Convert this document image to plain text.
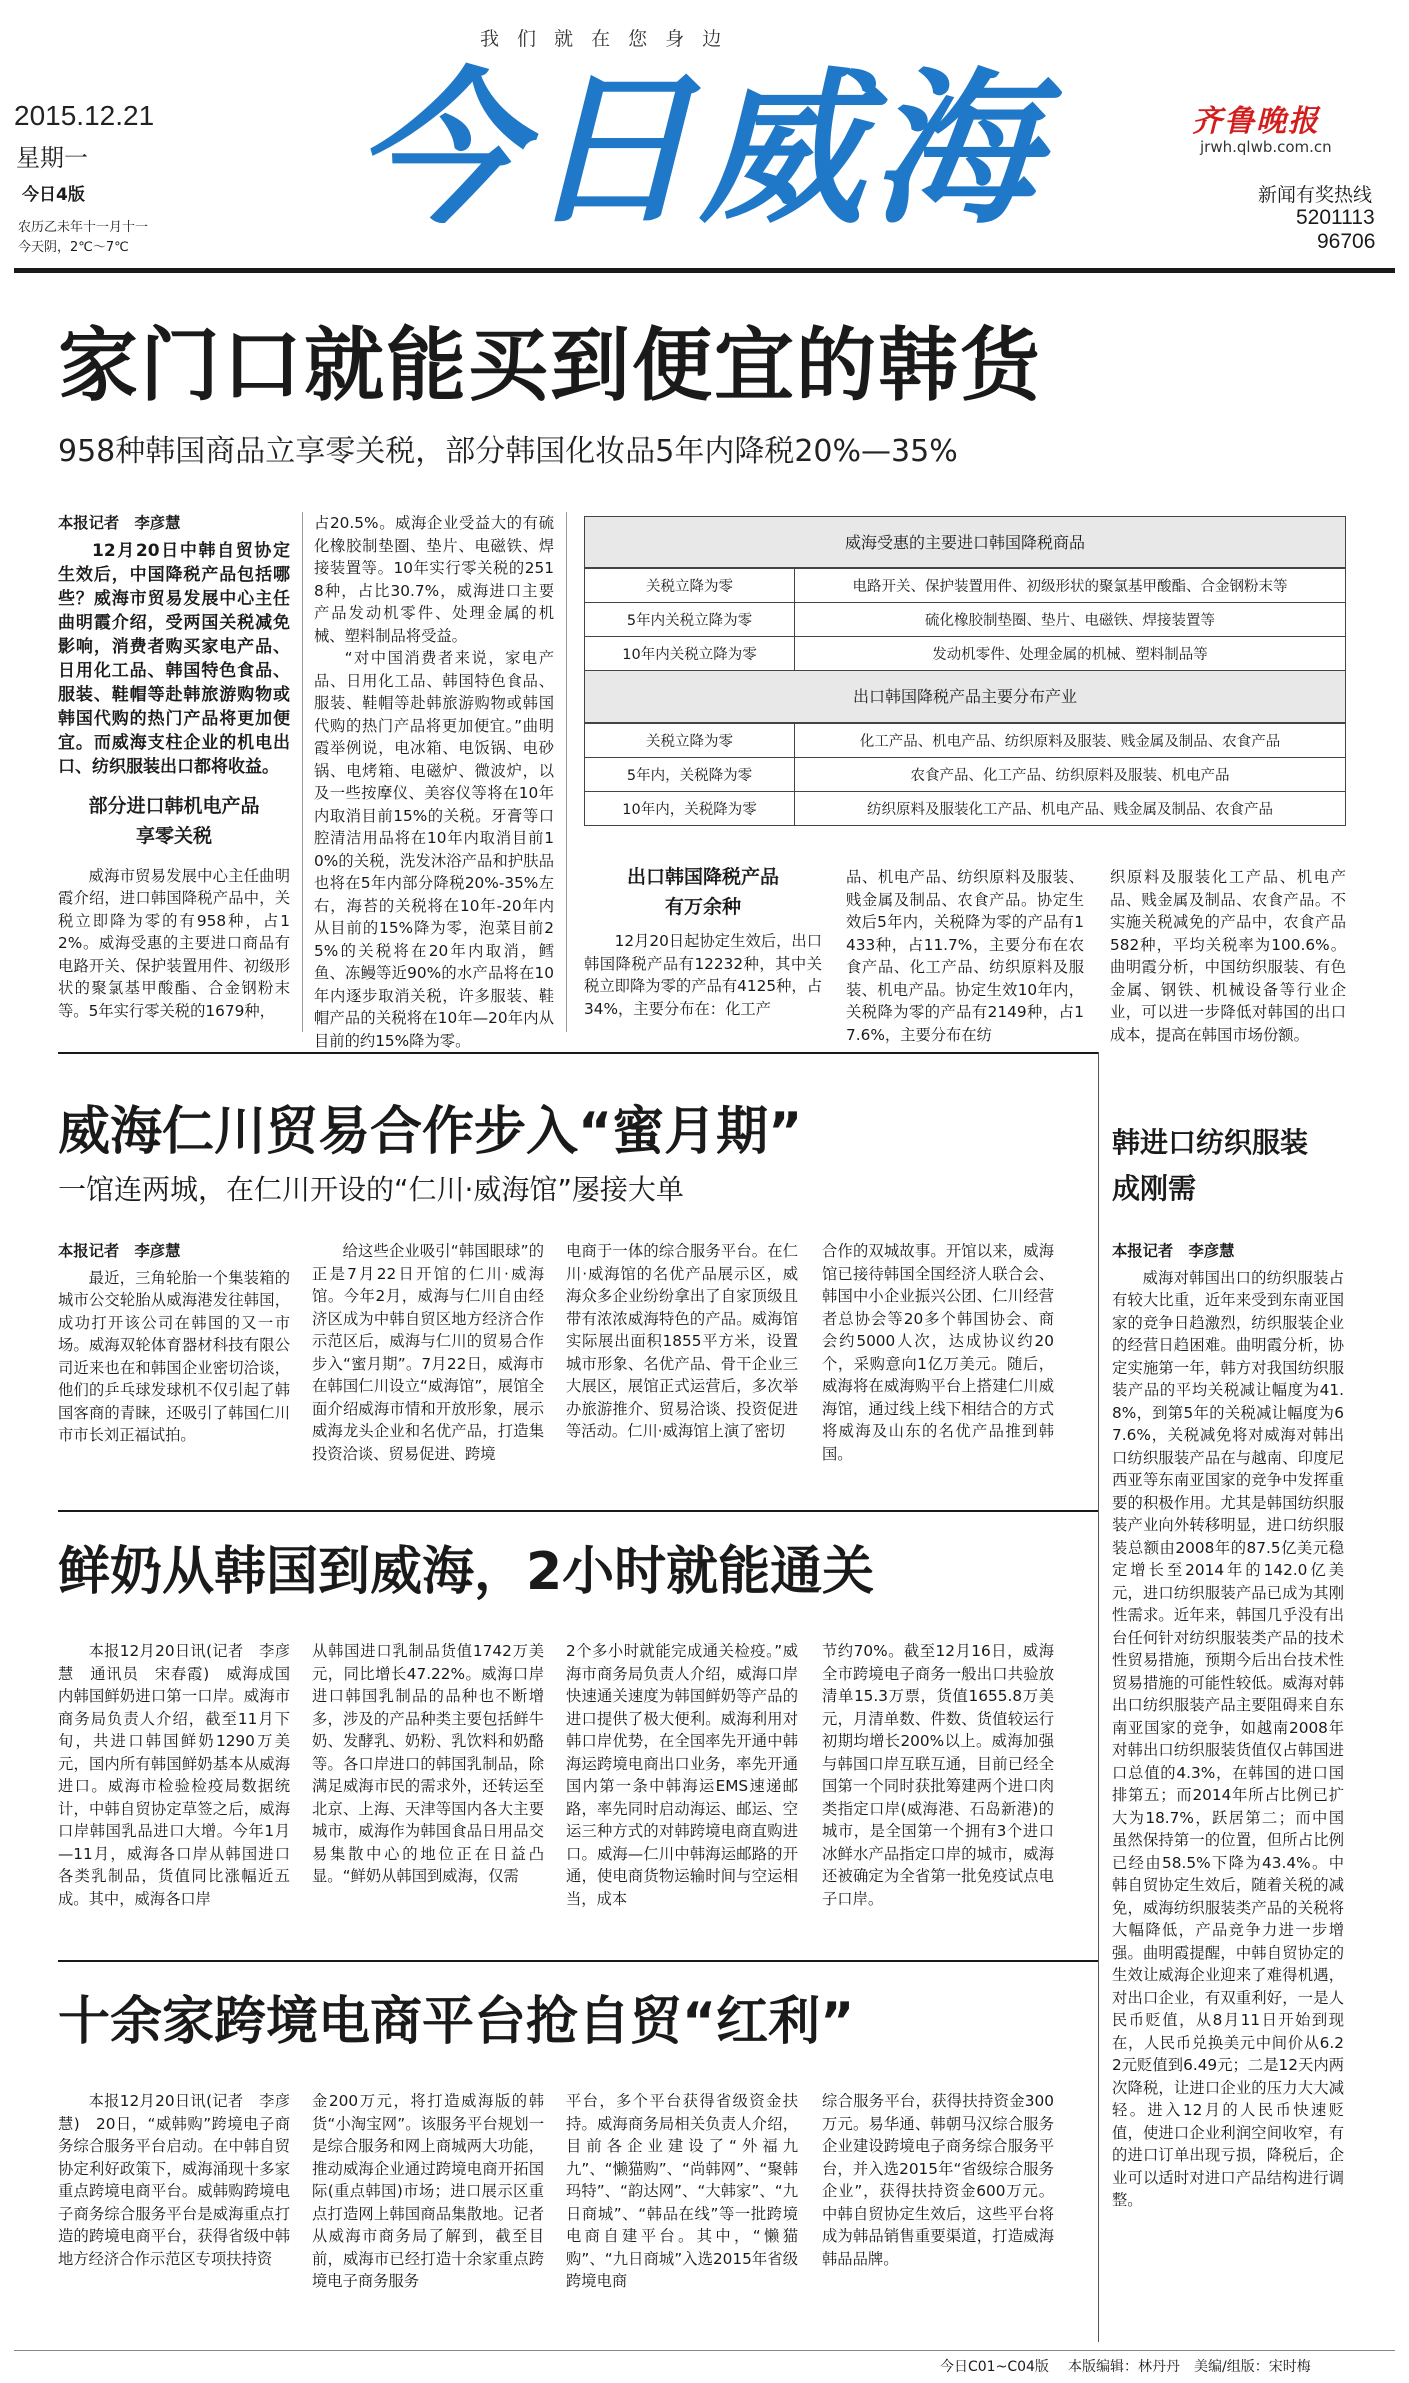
我 们 就 在 您 身 边
2015.12.21
星期一
今日4版
农历乙未年十一月十一
今天阴，2℃～7℃
今日威海	齐鲁晚报
jrwh.qlwb.com.cn
新闻有奖热线
5201113
96706
家门口就能买到便宜的韩货
958种韩国商品立享零关税，部分韩国化妆品5年内降税20%—35%
本报记者　李彦慧

12月20日中韩自贸协定生效后，中国降税产品包括哪些？威海市贸易发展中心主任曲明霞介绍，受两国关税减免影响，消费者购买家电产品、日用化工品、韩国特色食品、服装、鞋帽等赴韩旅游购物或韩国代购的热门产品将更加便宜。而威海支柱企业的机电出口、纺织服装出口都将收益。

部分进口韩机电产品享零关税

威海市贸易发展中心主任曲明霞介绍，进口韩国降税产品中，关税立即降为零的有958种，占12%。威海受惠的主要进口商品有电路开关、保护装置用件、初级形状的聚氯基甲酸酯、合金钢粉末等。5年实行零关税的1679种，

占20.5%。威海企业受益大的有硫化橡胶制垫圈、垫片、电磁铁、焊接装置等。10年实行零关税的2518种，占比30.7%，威海进口主要产品发动机零件、处理金属的机械、塑料制品将受益。

“对中国消费者来说，家电产品、日用化工品、韩国特色食品、服装、鞋帽等赴韩旅游购物或韩国代购的热门产品将更加便宜。”曲明霞举例说，电冰箱、电饭锅、电砂锅、电烤箱、电磁炉、微波炉，以及一些按摩仪、美容仪等将在10年内取消目前15%的关税。牙膏等口腔清洁用品将在10年内取消目前10%的关税，洗发沐浴产品和护肤品也将在5年内部分降税20%-35%左右，海苔的关税将在10年-20年内从目前的15%降为零，泡菜目前25%的关税将在20年内取消，鳕鱼、冻鳗等近90%的水产品将在10年内逐步取消关税，许多服装、鞋帽产品的关税将在10年—20年内从目前的约15%降为零。

威海受惠的主要进口韩国降税商品
关税立降为零	电路开关、保护装置用件、初级形状的聚氯基甲酸酯、合金钢粉末等
5年内关税立降为零	硫化橡胶制垫圈、垫片、电磁铁、焊接装置等
10年内关税立降为零	发动机零件、处理金属的机械、塑料制品等
出口韩国降税产品主要分布产业
关税立降为零	化工产品、机电产品、纺织原料及服装、贱金属及制品、农食产品
5年内，关税降为零	农食产品、化工产品、纺织原料及服装、机电产品
10年内，关税降为零	纺织原料及服装化工产品、机电产品、贱金属及制品、农食产品
出口韩国降税产品有万余种

12月20日起协定生效后，出口韩国降税产品有12232种，其中关税立即降为零的产品有4125种，占34%，主要分布在：化工产

品、机电产品、纺织原料及服装、贱金属及制品、农食产品。协定生效后5年内，关税降为零的产品有1433种，占11.7%，主要分布在农食产品、化工产品、纺织原料及服装、机电产品。协定生效10年内，关税降为零的产品有2149种，占17.6%，主要分布在纺

织原料及服装化工产品、机电产品、贱金属及制品、农食产品。不实施关税减免的产品中，农食产品582种，平均关税率为100.6%。曲明霞分析，中国纺织服装、有色金属、钢铁、机械设备等行业企业，可以进一步降低对韩国的出口成本，提高在韩国市场份额。

威海仁川贸易合作步入“蜜月期”
一馆连两城，在仁川开设的“仁川·威海馆”屡接大单
本报记者　李彦慧

最近，三角轮胎一个集装箱的城市公交轮胎从威海港发往韩国，成功打开该公司在韩国的又一市场。威海双轮体育器材科技有限公司近来也在和韩国企业密切洽谈，他们的乒乓球发球机不仅引起了韩国客商的青睐，还吸引了韩国仁川市市长刘正福试拍。

给这些企业吸引“韩国眼球”的正是7月22日开馆的仁川·威海馆。今年2月，威海与仁川自由经济区成为中韩自贸区地方经济合作示范区后，威海与仁川的贸易合作步入“蜜月期”。7月22日，威海市在韩国仁川设立“威海馆”，展馆全面介绍威海市情和开放形象，展示威海龙头企业和名优产品，打造集投资洽谈、贸易促进、跨境

电商于一体的综合服务平台。在仁川·威海馆的名优产品展示区，威海众多企业纷纷拿出了自家顶级且带有浓浓威海特色的产品。威海馆实际展出面积1855平方米，设置城市形象、名优产品、骨干企业三大展区，展馆正式运营后，多次举办旅游推介、贸易洽谈、投资促进等活动。仁川·威海馆上演了密切

合作的双城故事。开馆以来，威海馆已接待韩国全国经济人联合会、韩国中小企业振兴公团、仁川经营者总协会等20多个韩国协会、商会约5000人次，达成协议约20个，采购意向1亿万美元。随后，威海将在威海购平台上搭建仁川威海馆，通过线上线下相结合的方式将威海及山东的名优产品推到韩国。

鲜奶从韩国到威海，2小时就能通关

本报12月20日讯(记者　李彦慧　通讯员　宋春霞)　威海成国内韩国鲜奶进口第一口岸。威海市商务局负责人介绍，截至11月下旬，共进口韩国鲜奶1290万美元，国内所有韩国鲜奶基本从威海进口。威海市检验检疫局数据统计，中韩自贸协定草签之后，威海口岸韩国乳品进口大增。今年1月—11月，威海各口岸从韩国进口各类乳制品，货值同比涨幅近五成。其中，威海各口岸

从韩国进口乳制品货值1742万美元，同比增长47.22%。威海口岸进口韩国乳制品的品种也不断增多，涉及的产品种类主要包括鲜牛奶、发酵乳、奶粉、乳饮料和奶酪等。各口岸进口的韩国乳制品，除满足威海市民的需求外，还转运至北京、上海、天津等国内各大主要城市，威海作为韩国食品日用品交易集散中心的地位正在日益凸显。“鲜奶从韩国到威海，仅需

2个多小时就能完成通关检疫。”威海市商务局负责人介绍，威海口岸快速通关速度为韩国鲜奶等产品的进口提供了极大便利。威海利用对韩口岸优势，在全国率先开通中韩海运跨境电商出口业务，率先开通国内第一条中韩海运EMS速递邮路，率先同时启动海运、邮运、空运三种方式的对韩跨境电商直购进口。威海—仁川中韩海运邮路的开通，使电商货物运输时间与空运相当，成本

节约70%。截至12月16日，威海全市跨境电子商务一般出口共验放清单15.3万票，货值1655.8万美元，月清单数、件数、货值较运行初期均增长200%以上。威海加强与韩国口岸互联互通，目前已经全国第一个同时获批筹建两个进口肉类指定口岸(威海港、石岛新港)的城市，是全国第一个拥有3个进口冰鲜水产品指定口岸的城市，威海还被确定为全省第一批免疫试点电子口岸。

十余家跨境电商平台抢自贸“红利”

本报12月20日讯(记者　李彦慧)　20日，“威韩购”跨境电子商务综合服务平台启动。在中韩自贸协定利好政策下，威海涌现十多家重点跨境电商平台。威韩购跨境电子商务综合服务平台是威海重点打造的跨境电商平台，获得省级中韩地方经济合作示范区专项扶持资

金200万元，将打造威海版的韩货“小淘宝网”。该服务平台规划一是综合服务和网上商城两大功能，推动威海企业通过跨境电商开拓国际(重点韩国)市场；进口展示区重点打造网上韩国商品集散地。记者从威海市商务局了解到，截至目前，威海市已经打造十余家重点跨境电子商务服务

平台，多个平台获得省级资金扶持。威海商务局相关负责人介绍，目前各企业建设了“外福九九”、“懒猫购”、“尚韩网”、“聚韩玛特”、“韵达网”、“大韩家”、“九日商城”、“韩品在线”等一批跨境电商自建平台。其中，“懒猫购”、“九日商城”入选2015年省级跨境电商

综合服务平台，获得扶持资金300万元。易华通、韩朝马汉综合服务企业建设跨境电子商务综合服务平台，并入选2015年“省级综合服务企业”，获得扶持资金600万元。中韩自贸协定生效后，这些平台将成为韩品销售重要渠道，打造威海韩品品牌。

韩进口纺织服装成刚需
本报记者　李彦慧

威海对韩国出口的纺织服装占有较大比重，近年来受到东南亚国家的竞争日趋激烈，纺织服装企业的经营日趋困难。曲明霞分析，协定实施第一年，韩方对我国纺织服装产品的平均关税减让幅度为41.8%，到第5年的关税减让幅度为67.6%，关税减免将对威海对韩出口纺织服装产品在与越南、印度尼西亚等东南亚国家的竞争中发挥重要的积极作用。尤其是韩国纺织服装产业向外转移明显，进口纺织服装总额由2008年的87.5亿美元稳定增长至2014年的142.0亿美元，进口纺织服装产品已成为其刚性需求。近年来，韩国几乎没有出台任何针对纺织服装类产品的技术性贸易措施，预期今后出台技术性贸易措施的可能性较低。威海对韩出口纺织服装产品主要阻碍来自东南亚国家的竞争，如越南2008年对韩出口纺织服装货值仅占韩国进口总值的4.3%，在韩国的进口国排第五；而2014年所占比例已扩大为18.7%，跃居第二；而中国虽然保持第一的位置，但所占比例已经由58.5%下降为43.4%。中韩自贸协定生效后，随着关税的减免，威海纺织服装类产品的关税将大幅降低，产品竞争力进一步增强。曲明霞提醒，中韩自贸协定的生效让威海企业迎来了难得机遇，对出口企业，有双重利好，一是人民币贬值，从8月11日开始到现在，人民币兑换美元中间价从6.22元贬值到6.49元；二是12天内两次降税，让进口企业的压力大大减轻。进入12月的人民币快速贬值，使进口企业利润空间收窄，有的进口订单出现亏损，降税后，企业可以适时对进口产品结构进行调整。

今日C01~C04版 本版编辑：林丹丹　美编/组版：宋时梅
